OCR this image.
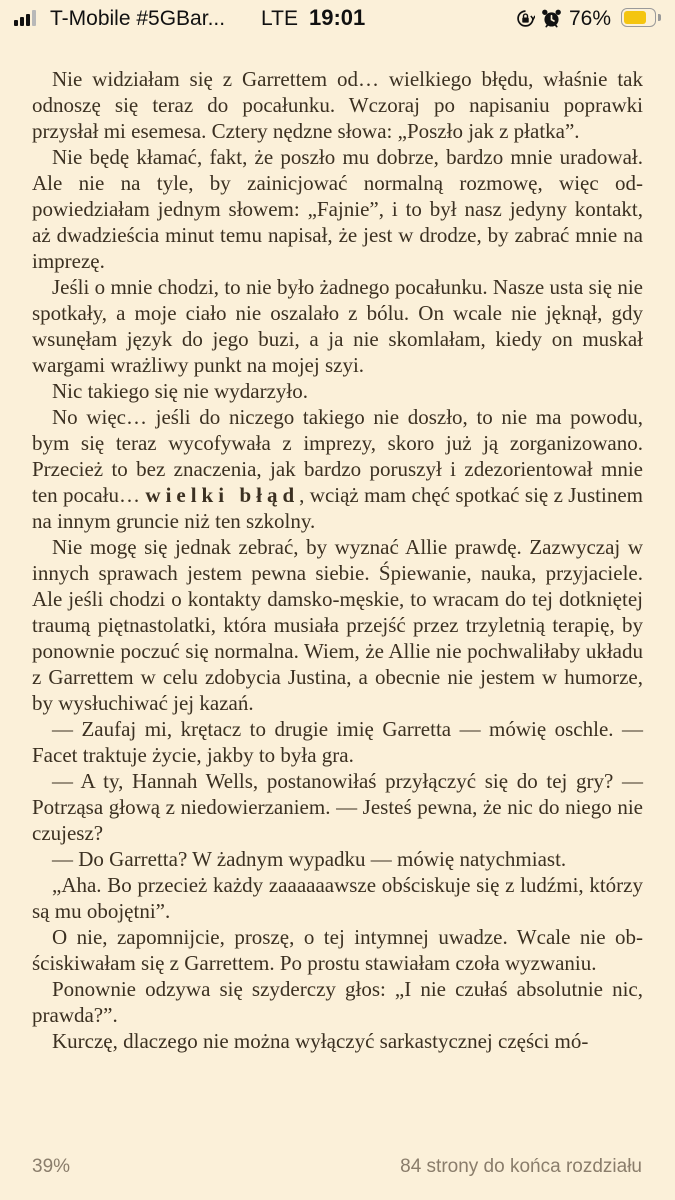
T-Mobile #5GBar... LTE 19:01	76%

Nie widziałam się z Garrettem od… wielkiego błędu, właśnie tak odnoszę się teraz do pocałunku. Wczoraj po napisaniu poprawki przysłał mi esemesa. Cztery nędzne słowa: „Poszło jak z płatka”.

Nie będę kłamać, fakt, że poszło mu dobrze, bardzo mnie uradował. Ale nie na tyle, by zainicjować normalną rozmowę, więc odpowiedziałam jednym słowem: „Fajnie”, i to był nasz jedyny kontakt, aż dwadzieścia minut temu napisał, że jest w drodze, by zabrać mnie na imprezę.

Jeśli o mnie chodzi, to nie było żadnego pocałunku. Nasze usta się nie spotkały, a moje ciało nie oszalało z bólu. On wcale nie jęknął, gdy wsunęłam język do jego buzi, a ja nie skomlałam, kiedy on muskał wargami wrażliwy punkt na mojej szyi.

Nic takiego się nie wydarzyło.

No więc… jeśli do niczego takiego nie doszło, to nie ma powodu, bym się teraz wycofywała z imprezy, skoro już ją zorganizowano. Przecież to bez znaczenia, jak bardzo poruszył i zdezorientował mnie ten pocału… wielki błąd, wciąż mam chęć spotkać się z Justinem na innym gruncie niż ten szkolny.

Nie mogę się jednak zebrać, by wyznać Allie prawdę. Zazwyczaj w innych sprawach jestem pewna siebie. Śpiewanie, nauka, przyjaciele. Ale jeśli chodzi o kontakty damsko-męskie, to wracam do tej dotkniętej traumą piętnastolatki, która musiała przejść przez trzyletnią terapię, by ponownie poczuć się normalna. Wiem, że Allie nie pochwaliłaby układu z Garrettem w celu zdobycia Justina, a obecnie nie jestem w humorze, by wysłuchiwać jej kazań.

— Zaufaj mi, krętacz to drugie imię Garretta — mówię oschle. — Facet traktuje życie, jakby to była gra.

— A ty, Hannah Wells, postanowiłaś przyłączyć się do tej gry? — Potrząsa głową z niedowierzaniem. — Jesteś pewna, że nic do niego nie czujesz?

— Do Garretta? W żadnym wypadku — mówię natychmiast.

„Aha. Bo przecież każdy zaaaaaawsze obściskuje się z ludźmi, którzy są mu obojętni”.

O nie, zapomnijcie, proszę, o tej intymnej uwadze. Wcale nie obściskiwałam się z Garrettem. Po prostu stawiałam czoła wyzwaniu.

Ponownie odzywa się szyderczy głos: „I nie czułaś absolutnie nic, prawda?”.

Kurczę, dlaczego nie można wyłączyć sarkastycznej części mó-

39%	84 strony do końca rozdziału
